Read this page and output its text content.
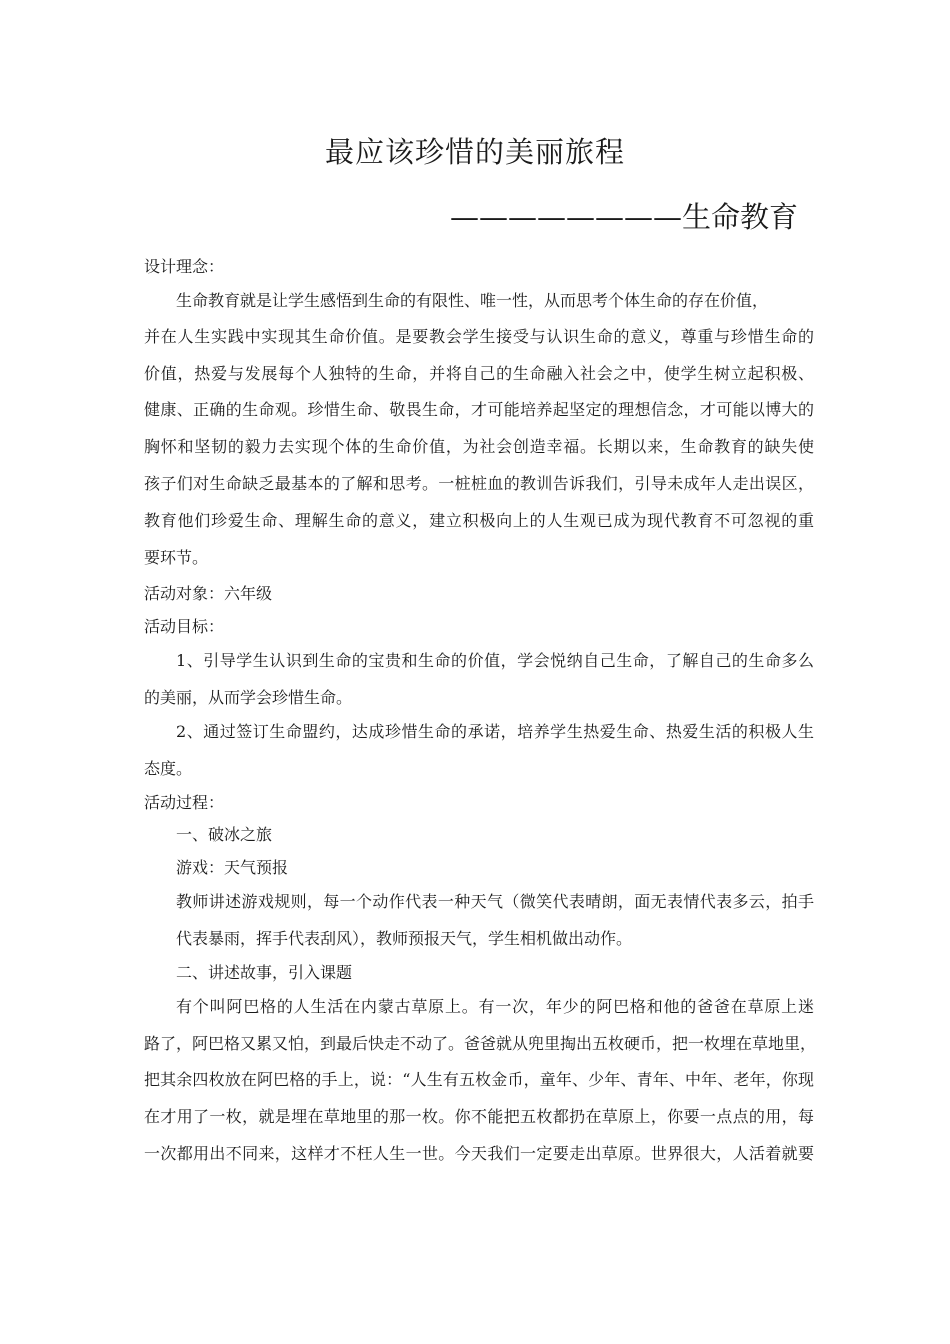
最应该珍惜的美丽旅程
————————生命教育
设计理念：
生命教育就是让学生感悟到生命的有限性、唯一性，从而思考个体生命的存在价值，
并在人生实践中实现其生命价值。是要教会学生接受与认识生命的意义，尊重与珍惜生命的
价值，热爱与发展每个人独特的生命，并将自己的生命融入社会之中，使学生树立起积极、
健康、正确的生命观。珍惜生命、敬畏生命，才可能培养起坚定的理想信念，才可能以博大的
胸怀和坚韧的毅力去实现个体的生命价值，为社会创造幸福。长期以来，生命教育的缺失使
孩子们对生命缺乏最基本的了解和思考。一桩桩血的教训告诉我们，引导未成年人走出误区，
教育他们珍爱生命、理解生命的意义，建立积极向上的人生观已成为现代教育不可忽视的重
要环节。
活动对象：六年级
活动目标：
1、引导学生认识到生命的宝贵和生命的价值，学会悦纳自己生命，了解自己的生命多么
的美丽，从而学会珍惜生命。
2、通过签订生命盟约，达成珍惜生命的承诺，培养学生热爱生命、热爱生活的积极人生
态度。
活动过程：
一、破冰之旅
游戏：天气预报
教师讲述游戏规则，每一个动作代表一种天气（微笑代表晴朗，面无表情代表多云，拍手
代表暴雨，挥手代表刮风），教师预报天气，学生相机做出动作。
二、讲述故事，引入课题
有个叫阿巴格的人生活在内蒙古草原上。有一次，年少的阿巴格和他的爸爸在草原上迷
路了，阿巴格又累又怕，到最后快走不动了。爸爸就从兜里掏出五枚硬币，把一枚埋在草地里，
把其余四枚放在阿巴格的手上，说：“人生有五枚金币，童年、少年、青年、中年、老年，你现
在才用了一枚，就是埋在草地里的那一枚。你不能把五枚都扔在草原上，你要一点点的用，每
一次都用出不同来，这样才不枉人生一世。今天我们一定要走出草原。世界很大，人活着就要
